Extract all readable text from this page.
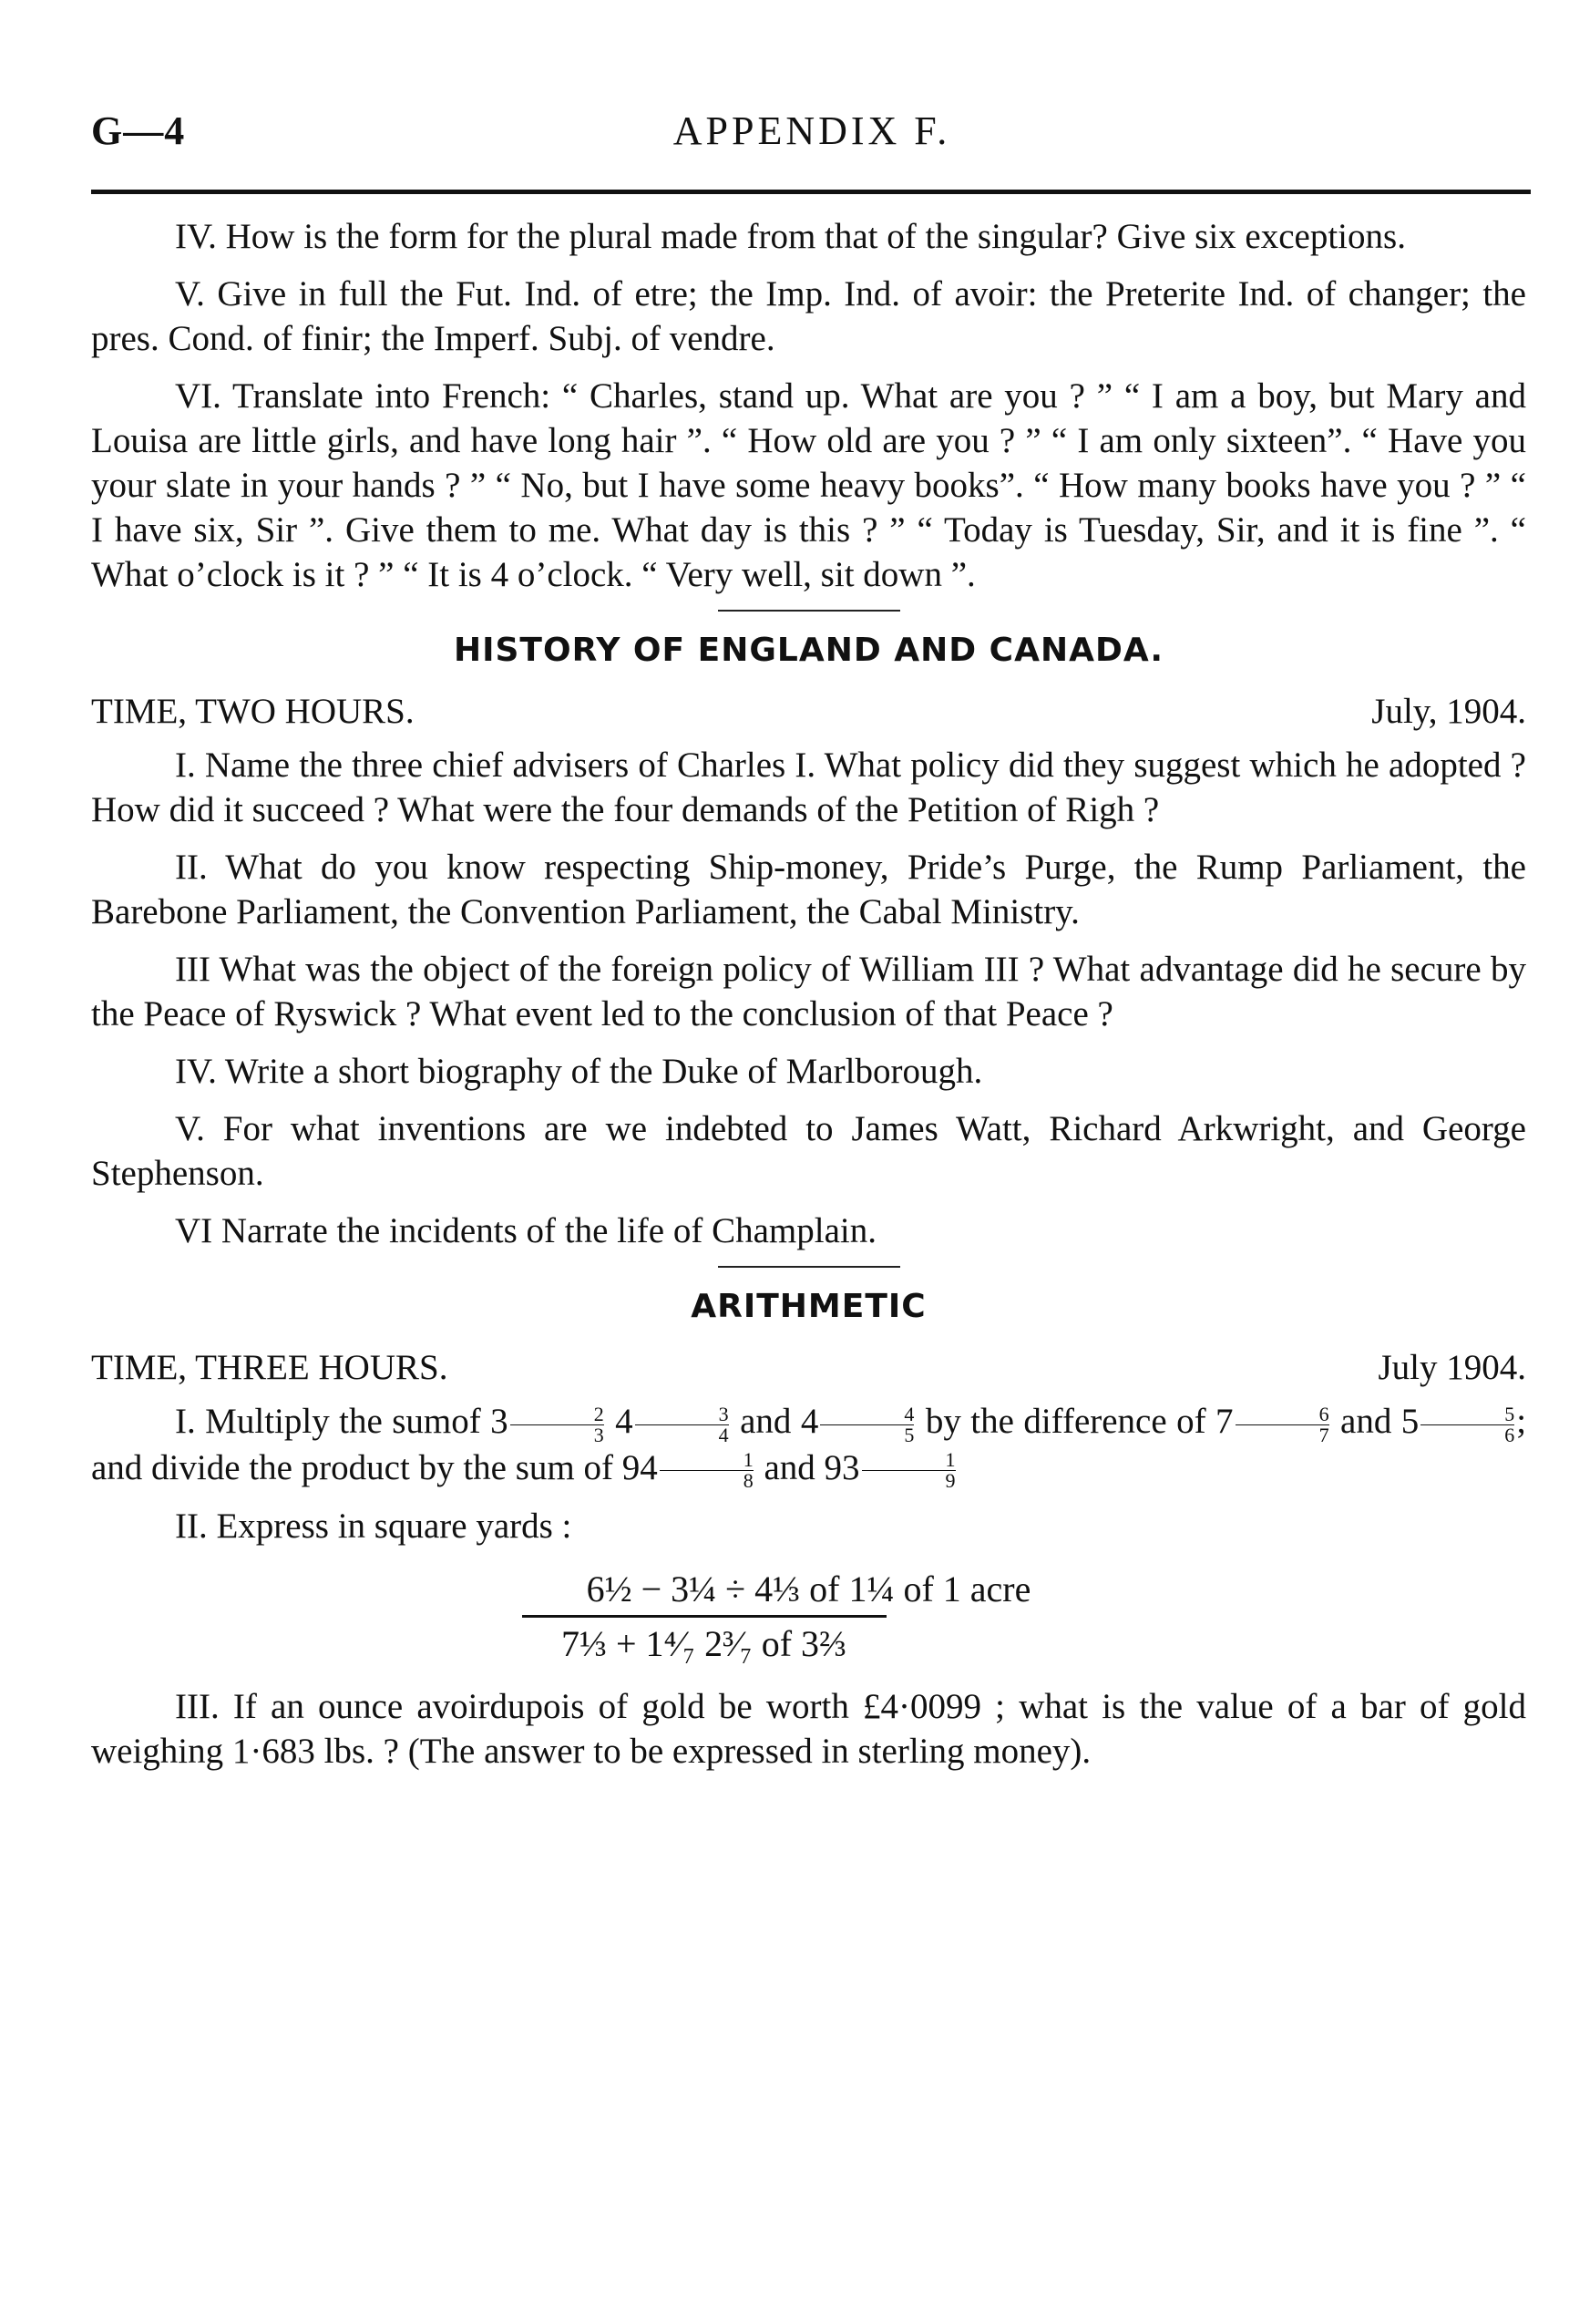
G—4	APPENDIX F.

IV. How is the form for the plural made from that of the singular? Give six exceptions.

V. Give in full the Fut. Ind. of etre; the Imp. Ind. of avoir: the Preterite Ind. of changer; the pres. Cond. of finir; the Imperf. Subj. of vendre.

VI. Translate into French: “ Charles, stand up. What are you ? ” “ I am a boy, but Mary and Louisa are little girls, and have long hair ”. “ How old are you ? ” “ I am only sixteen”. “ Have you your slate in your hands ? ” “ No, but I have some heavy books”. “ How many books have you ? ” “ I have six, Sir ”. Give them to me. What day is this ? ” “ Today is Tuesday, Sir, and it is fine ”. “ What o’clock is it ? ” “ It is 4 o’clock. “ Very well, sit down ”.

HISTORY OF ENGLAND AND CANADA.
TIME, TWO HOURS.	July, 1904.

I. Name the three chief advisers of Charles I. What policy did they suggest which he adopted ? How did it succeed ? What were the four demands of the Petition of Righ ?

II. What do you know respecting Ship-money, Pride’s Purge, the Rump Parliament, the Barebone Parliament, the Convention Parliament, the Cabal Ministry.

III What was the object of the foreign policy of William III ? What advantage did he secure by the Peace of Ryswick ? What event led to the conclusion of that Peace ?

IV. Write a short biography of the Duke of Marlborough.

V. For what inventions are we indebted to James Watt, Richard Arkwright, and George Stephenson.

VI Narrate the incidents of the life of Champlain.

ARITHMETIC
TIME, THREE HOURS.	July 1904.

I. Multiply the sumof $3 \frac{2}{3} 4 \frac{3}{4}$ and $4 \frac{4}{5}$ by the difference of $7 \frac{6}{7}$ and $5 \frac{5}{6}$ ; and divide the product by the sum of $94 \frac{1}{8}$ and $93 \frac{1}{9}$

II. Express in square yards :

6½ − 3¼ ÷ 4⅓ of 1¼ of 1 acre
7⅓ + 1⁴⁄₇ 2³⁄₇ of 3⅔

III. If an ounce avoirdupois of gold be worth £4·0099 ; what is the value of a bar of gold weighing 1·683 lbs. ? (The answer to be expressed in sterling money).
